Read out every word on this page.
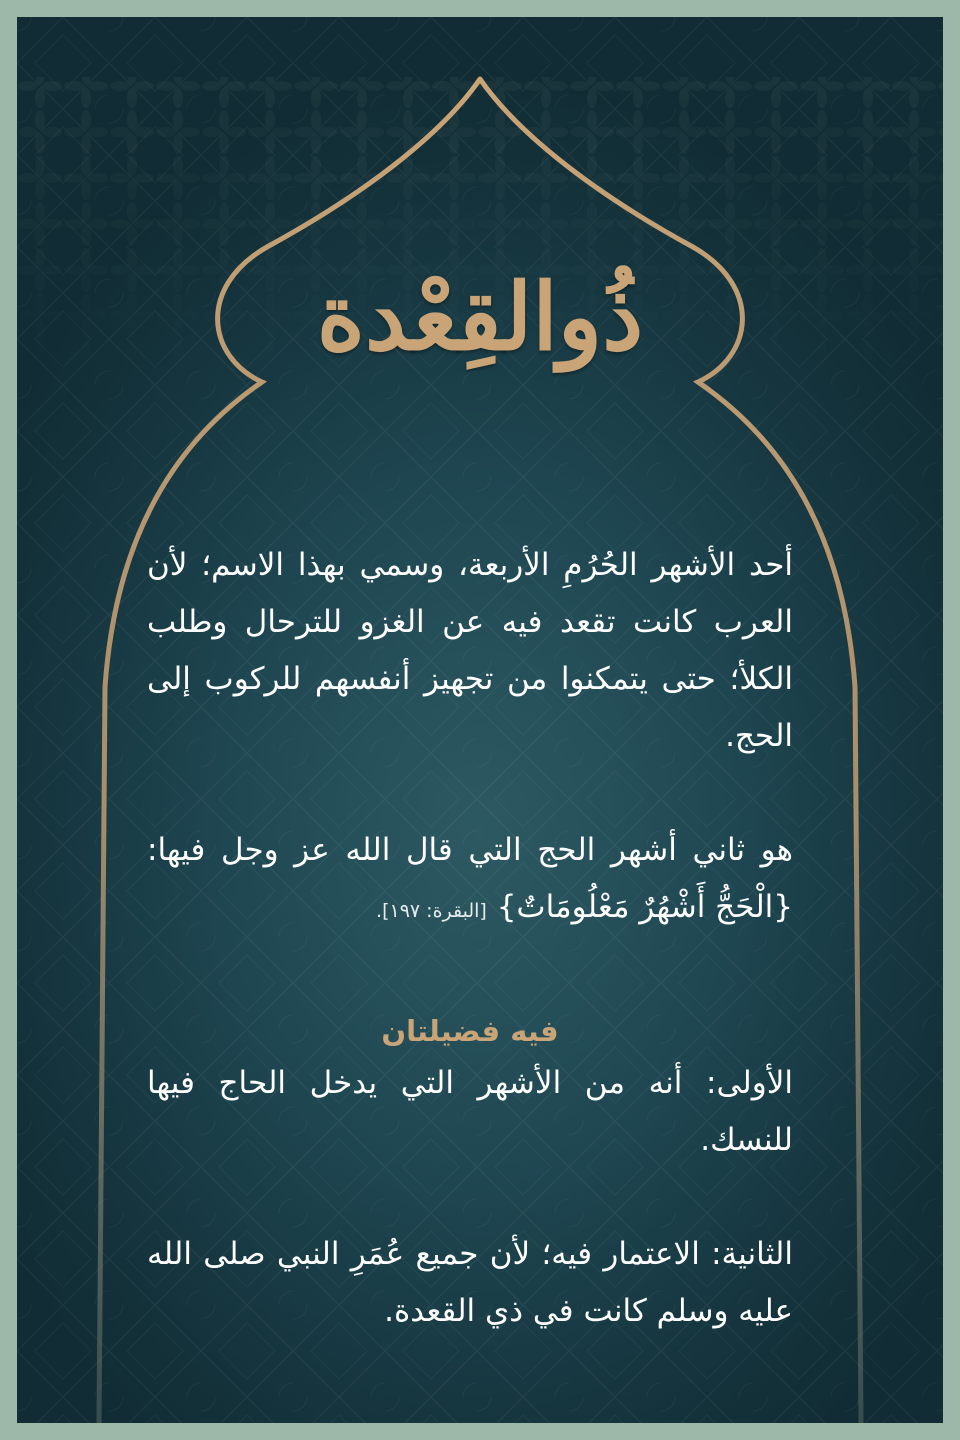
ذُوالقِعْدة

أحد الأشهر الحُرُمِ الأربعة، وسمي بهذا الاسم؛ لأن العرب كانت تقعد فيه عن الغزو للترحال وطلب الكلأ؛ حتى يتمكنوا من تجهيز أنفسهم للركوب إلى الحج.

هو ثاني أشهر الحج التي قال الله عز وجل فيها: {الْحَجُّ أَشْهُرٌ مَعْلُومَاتٌ} [البقرة: ١٩٧].

فيه فضيلتان

الأولى: أنه من الأشهر التي يدخل الحاج فيها للنسك.

الثانية: الاعتمار فيه؛ لأن جميع عُمَرِ النبي صلى الله عليه وسلم كانت في ذي القعدة.
